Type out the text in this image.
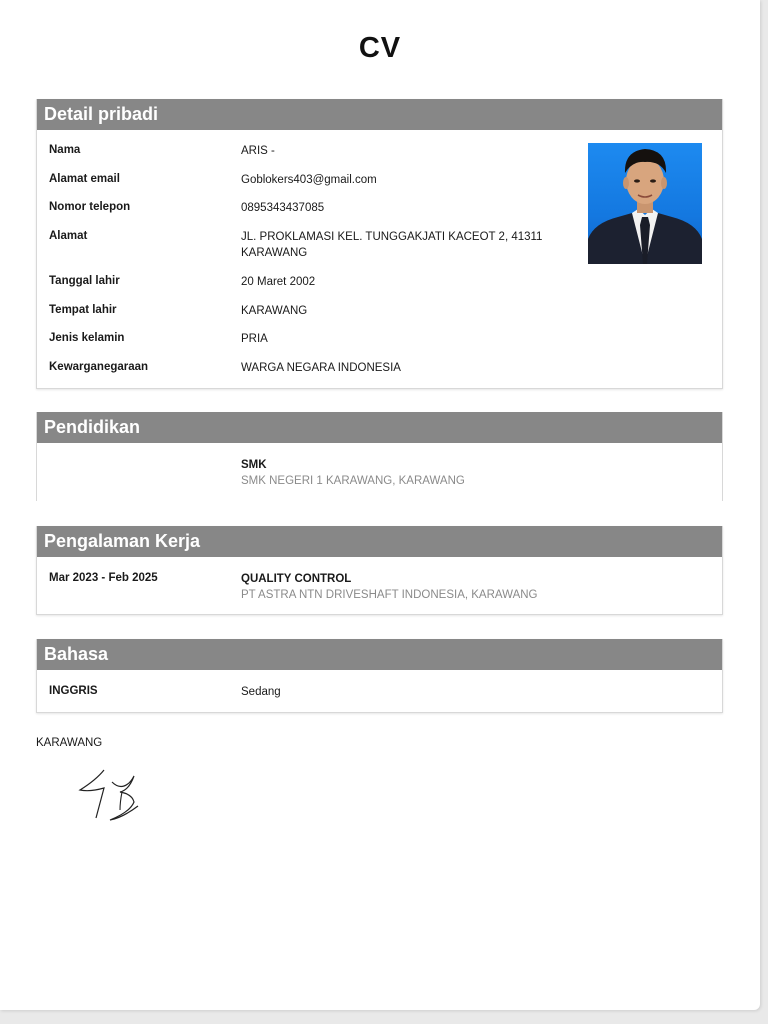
CV
Detail pribadi
Nama	ARIS -
Alamat email	Goblokers403@gmail.com
Nomor telepon	0895343437085
Alamat	JL. PROKLAMASI KEL. TUNGGAKJATI KACEOT 2, 41311 KARAWANG
Tanggal lahir	20 Maret 2002
Tempat lahir	KARAWANG
Jenis kelamin	PRIA
Kewarganegaraan	WARGA NEGARA INDONESIA
Pendidikan
SMK
SMK NEGERI 1 KARAWANG, KARAWANG
Pengalaman Kerja
Mar 2023 - Feb 2025	QUALITY CONTROL
PT ASTRA NTN DRIVESHAFT INDONESIA, KARAWANG
Bahasa
INGGRIS	Sedang
KARAWANG
